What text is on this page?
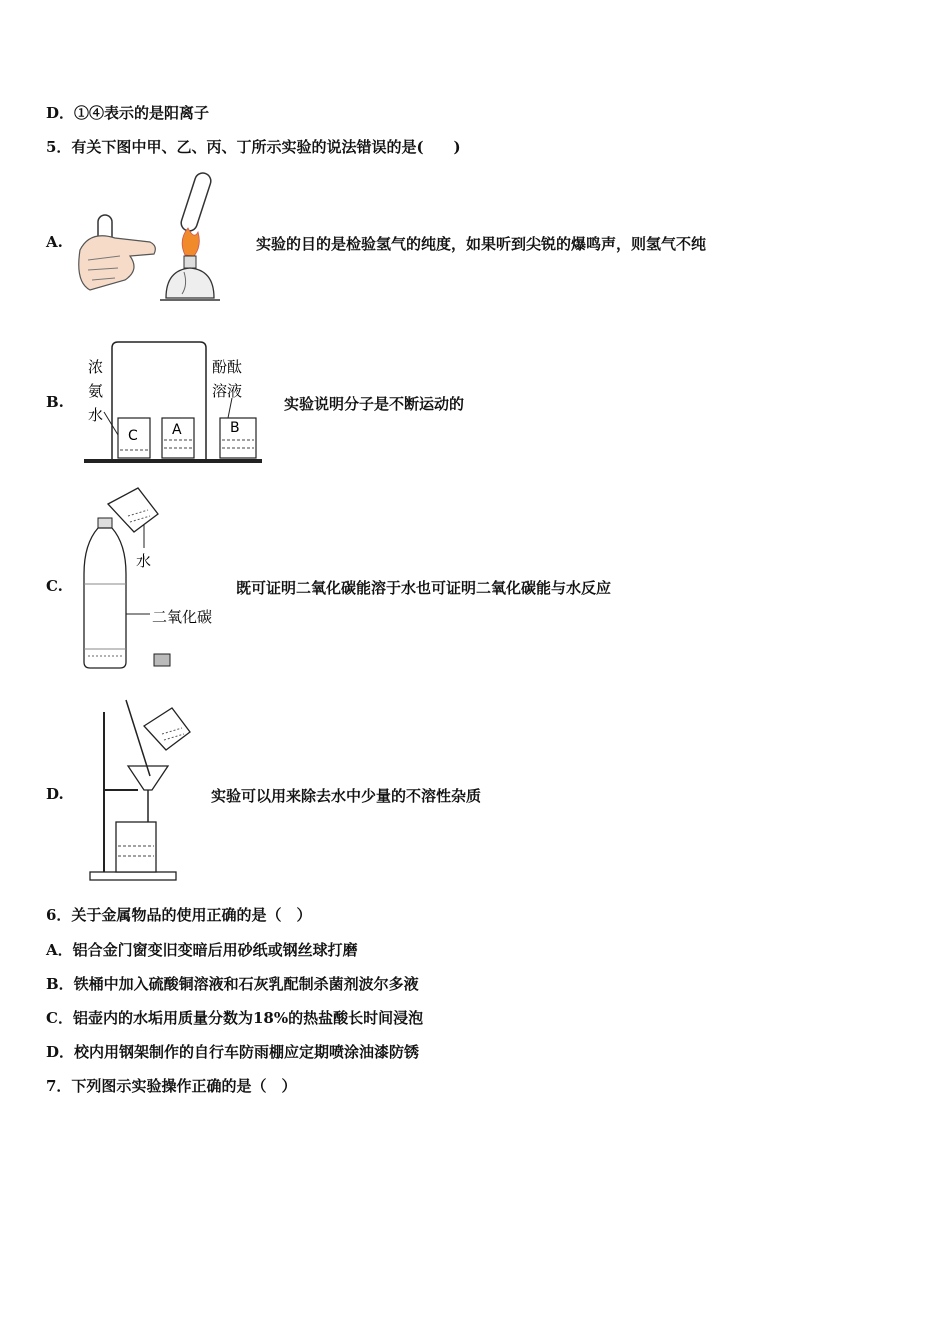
D．①④表示的是阳离子
5．有关下图中甲、乙、丙、丁所示实验的说法错误的是(　　)
A.	实验的目的是检验氢气的纯度，如果听到尖锐的爆鸣声，则氢气不纯
B.
浓
氨
水
酚酞
溶液
C A	B
实验说明分子是不断运动的
C.
水
二氧化碳
既可证明二氧化碳能溶于水也可证明二氧化碳能与水反应
D.	实验可以用来除去水中少量的不溶性杂质
6．关于金属物品的使用正确的是（　）
A．铝合金门窗变旧变暗后用砂纸或钢丝球打磨
B．铁桶中加入硫酸铜溶液和石灰乳配制杀菌剂波尔多液
C．铝壶内的水垢用质量分数为18%的热盐酸长时间浸泡
D．校内用钢架制作的自行车防雨棚应定期喷涂油漆防锈
7．下列图示实验操作正确的是（　）
